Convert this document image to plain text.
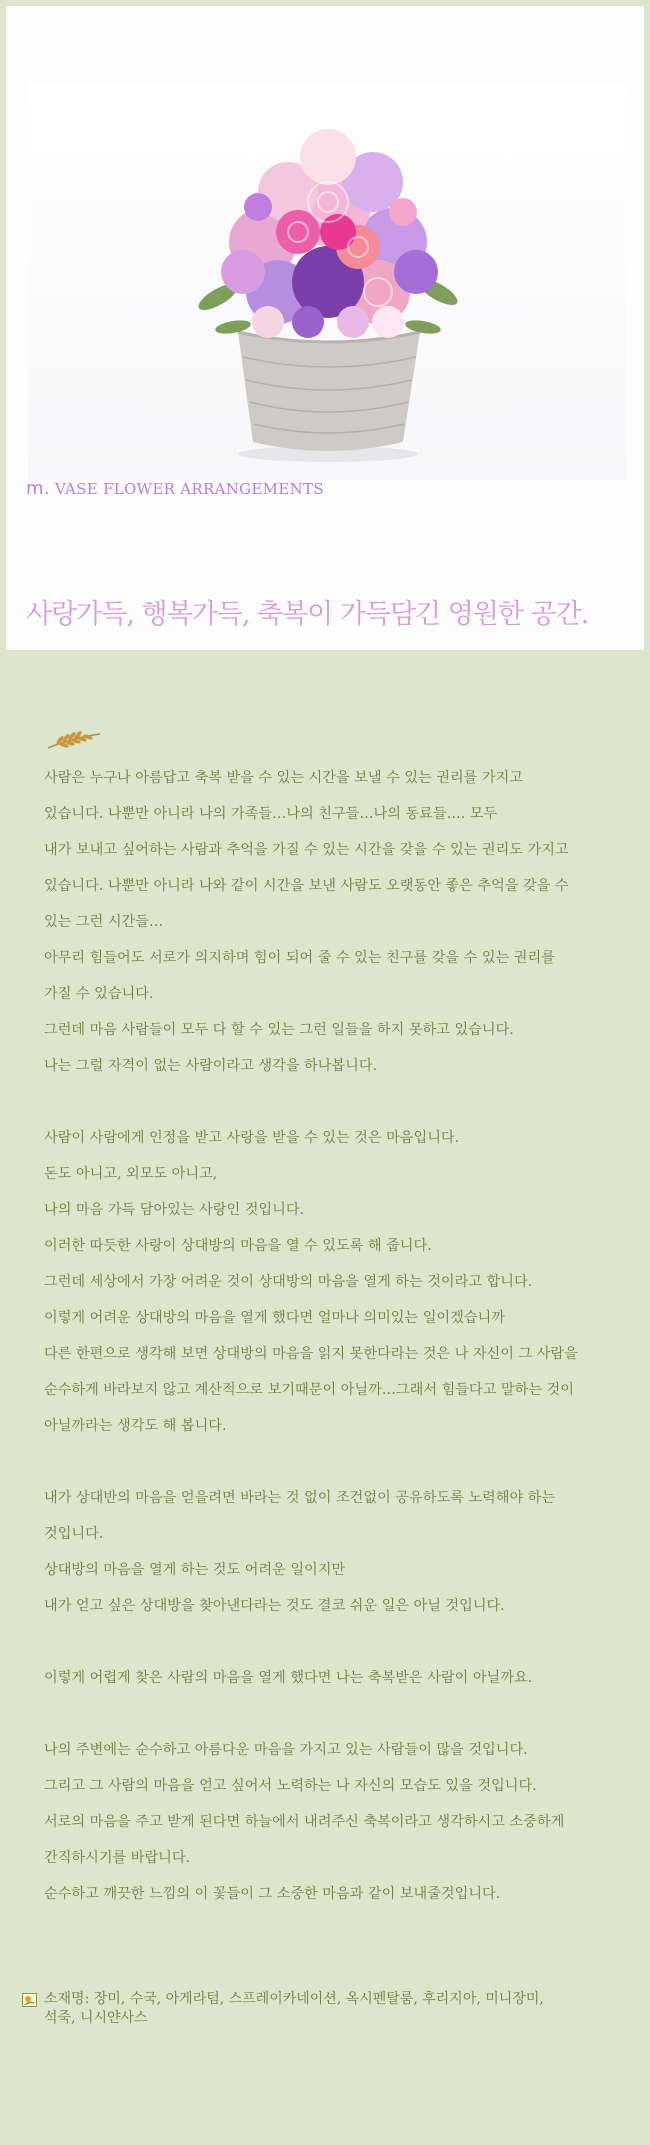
m. VASE FLOWER ARRANGEMENTS
사랑가득, 행복가득, 축복이 가득담긴 영원한 공간.

사람은 누구나 아름답고 축복 받을 수 있는 시간을 보낼 수 있는 권리를 가지고

있습니다. 나뿐만 아니라 나의 가족들…나의 친구들…나의 동료들…. 모두

내가 보내고 싶어하는 사람과 추억을 가질 수 있는 시간을 갖을 수 있는 권리도 가지고

있습니다. 나뿐만 아니라 나와 같이 시간을 보낸 사람도 오랫동안 좋은 추억을 갖을 수

있는 그런 시간들…

아무리 힘들어도 서로가 의지하며 힘이 되어 줄 수 있는 친구를 갖을 수 있는 권리를

가질 수 있습니다.

그런데 마음 사람들이 모두 다 할 수 있는 그런 일들을 하지 못하고 있습니다.

나는 그럴 자격이 없는 사람이라고 생각을 하나봅니다.

사람이 사람에게 인정을 받고 사랑을 받을 수 있는 것은 마음입니다.

돈도 아니고, 외모도 아니고,

나의 마음 가득 담아있는 사랑인 것입니다.

이러한 따듯한 사랑이 상대방의 마음을 열 수 있도록 해 줍니다.

그런데 세상에서 가장 어려운 것이 상대방의 마음을 열게 하는 것이라고 합니다.

이렇게 어려운 상대방의 마음을 열게 했다면 얼마나 의미있는 일이겠습니까

다른 한편으로 생각해 보면 상대방의 마음을 읽지 못한다라는 것은 나 자신이 그 사람을

순수하게 바라보지 않고 계산적으로 보기때문이 아닐까…그래서 힘들다고 말하는 것이

아닐까라는 생각도 해 봅니다.

내가 상대반의 마음을 얻을려면 바라는 것 없이 조건없이 공유하도록 노력해야 하는

것입니다.

상대방의 마음을 열게 하는 것도 어려운 일이지만

내가 얻고 싶은 상대방을 찾아낸다라는 것도 결코 쉬운 일은 아닐 것입니다.

이렇게 어렵게 찾은 사람의 마음을 열게 했다면 나는 축복받은 사람이 아닐까요.

나의 주변에는 순수하고 아름다운 마음을 가지고 있는 사람들이 많을 것입니다.

그리고 그 사람의 마음을 얻고 싶어서 노력하는 나 자신의 모습도 있을 것입니다.

서로의 마음을 주고 받게 된다면 하늘에서 내려주신 축복이라고 생각하시고 소중하게

간직하시기를 바랍니다.

순수하고 깨끗한 느낌의 이 꽃들이 그 소중한 마음과 같이 보내줄것입니다.

소재명: 장미, 수국, 아게라텀, 스프레이카네이션, 옥시펜탈룸, 후리지아, 미니장미,
석죽, 니시얀사스
